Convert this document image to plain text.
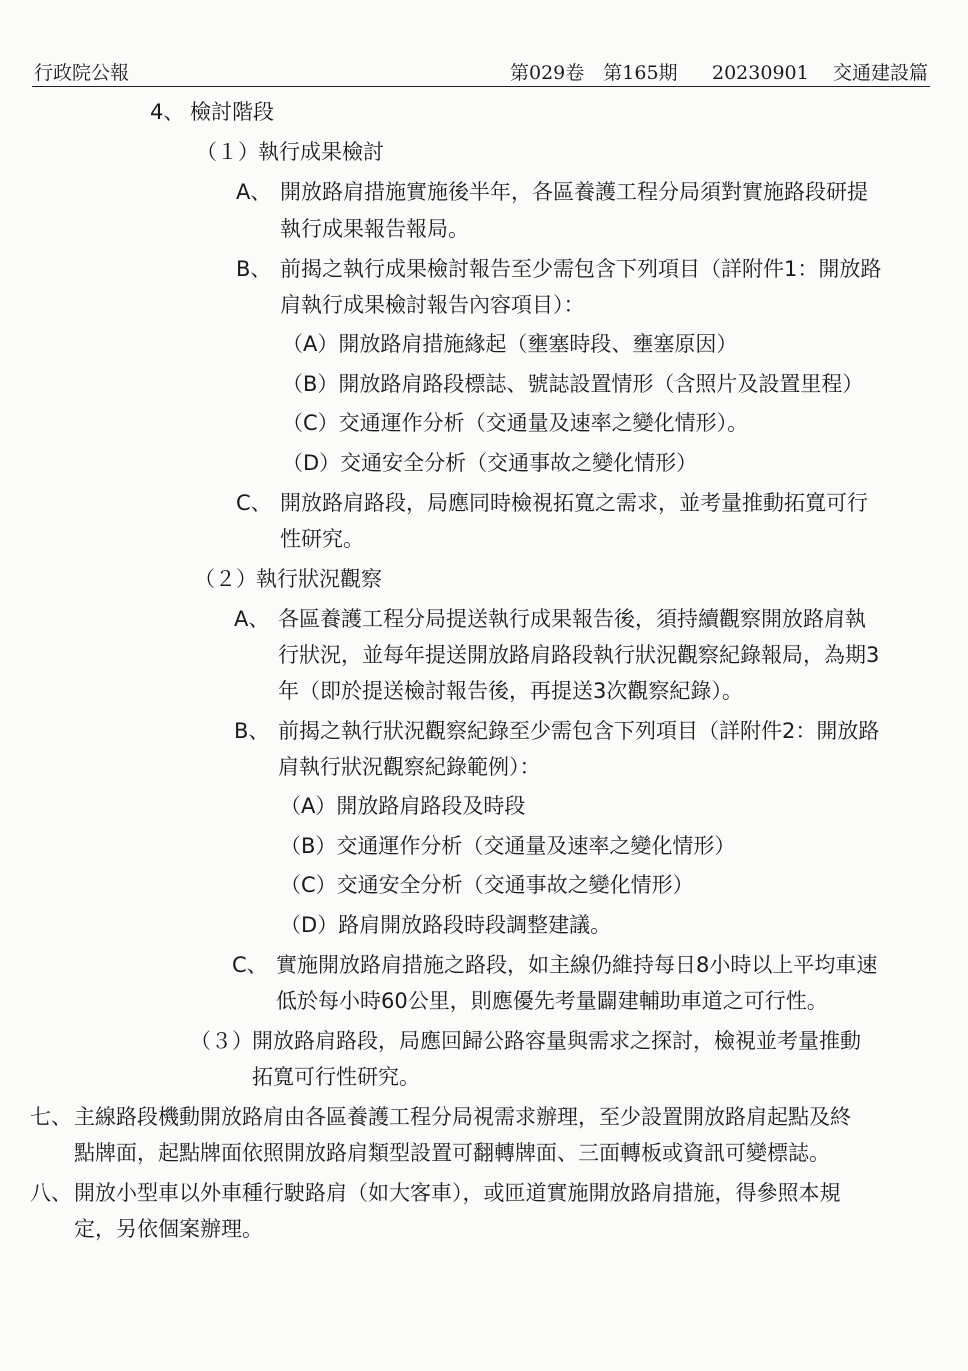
行政院公報	第029卷　第165期 20230901 交通建設篇
4、 檢討階段
（１） 執行成果檢討
A、 開放路肩措施實施後半年，各區養護工程分局須對實施路段研提
執行成果報告報局。
B、 前揭之執行成果檢討報告至少需包含下列項目（詳附件1：開放路
肩執行成果檢討報告內容項目）：
（A）開放路肩措施緣起（壅塞時段、壅塞原因）
（B）開放路肩路段標誌、號誌設置情形（含照片及設置里程）
（C）交通運作分析（交通量及速率之變化情形）。
（D）交通安全分析（交通事故之變化情形）
C、 開放路肩路段，局應同時檢視拓寬之需求，並考量推動拓寬可行
性研究。
（２） 執行狀況觀察
A、 各區養護工程分局提送執行成果報告後，須持續觀察開放路肩執
行狀況，並每年提送開放路肩路段執行狀況觀察紀錄報局，為期3
年（即於提送檢討報告後，再提送3次觀察紀錄）。
B、 前揭之執行狀況觀察紀錄至少需包含下列項目（詳附件2：開放路
肩執行狀況觀察紀錄範例）：
（A）開放路肩路段及時段
（B）交通運作分析（交通量及速率之變化情形）
（C）交通安全分析（交通事故之變化情形）
（D）路肩開放路段時段調整建議。
C、 實施開放路肩措施之路段，如主線仍維持每日8小時以上平均車速
低於每小時60公里，則應優先考量闢建輔助車道之可行性。
（３） 開放路肩路段，局應回歸公路容量與需求之探討，檢視並考量推動
拓寬可行性研究。
七、 主線路段機動開放路肩由各區養護工程分局視需求辦理，至少設置開放路肩起點及終
點牌面，起點牌面依照開放路肩類型設置可翻轉牌面、三面轉板或資訊可變標誌。
八、 開放小型車以外車種行駛路肩（如大客車），或匝道實施開放路肩措施，得參照本規
定，另依個案辦理。
